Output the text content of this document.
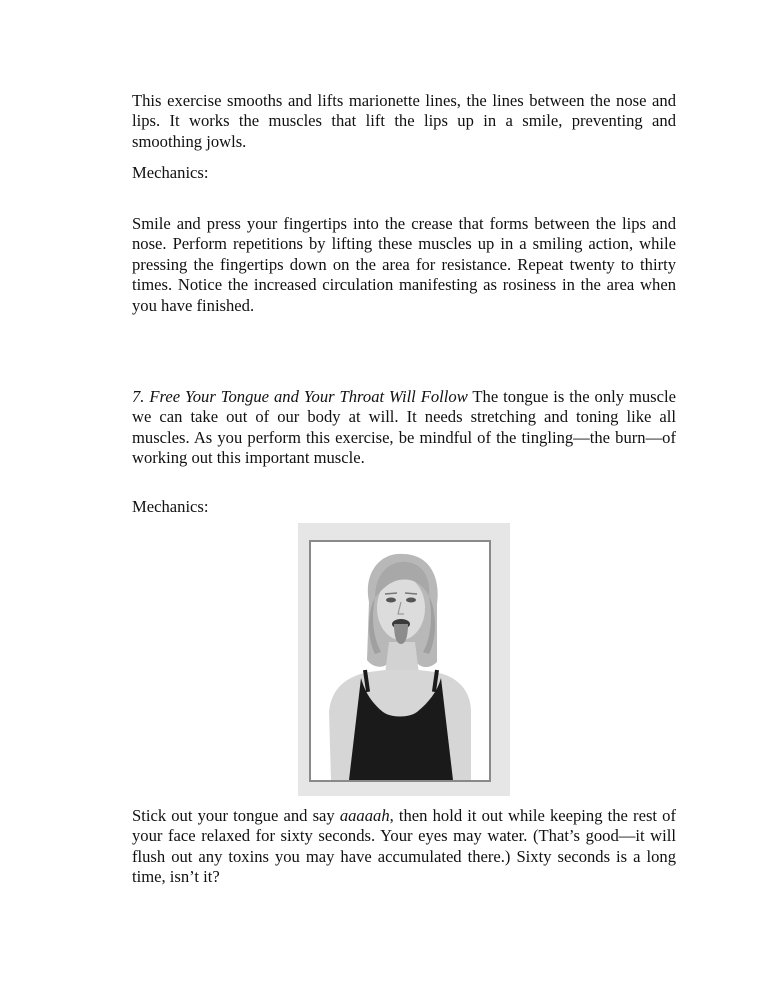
This exercise smooths and lifts marionette lines, the lines between the nose and lips. It works the muscles that lift the lips up in a smile, preventing and smoothing jowls.

Mechanics:

Smile and press your fingertips into the crease that forms between the lips and nose. Perform repetitions by lifting these muscles up in a smiling action, while pressing the fingertips down on the area for resistance. Repeat twenty to thirty times. Notice the increased circulation manifesting as rosiness in the area when you have finished.

7. Free Your Tongue and Your Throat Will Follow The tongue is the only muscle we can take out of our body at will. It needs stretching and toning like all muscles. As you perform this exercise, be mindful of the tingling—the burn—of working out this important muscle.

Mechanics:

Stick out your tongue and say aaaaah, then hold it out while keeping the rest of your face relaxed for sixty seconds. Your eyes may water. (That’s good—it will flush out any toxins you may have accumulated there.) Sixty seconds is a long time, isn’t it?
